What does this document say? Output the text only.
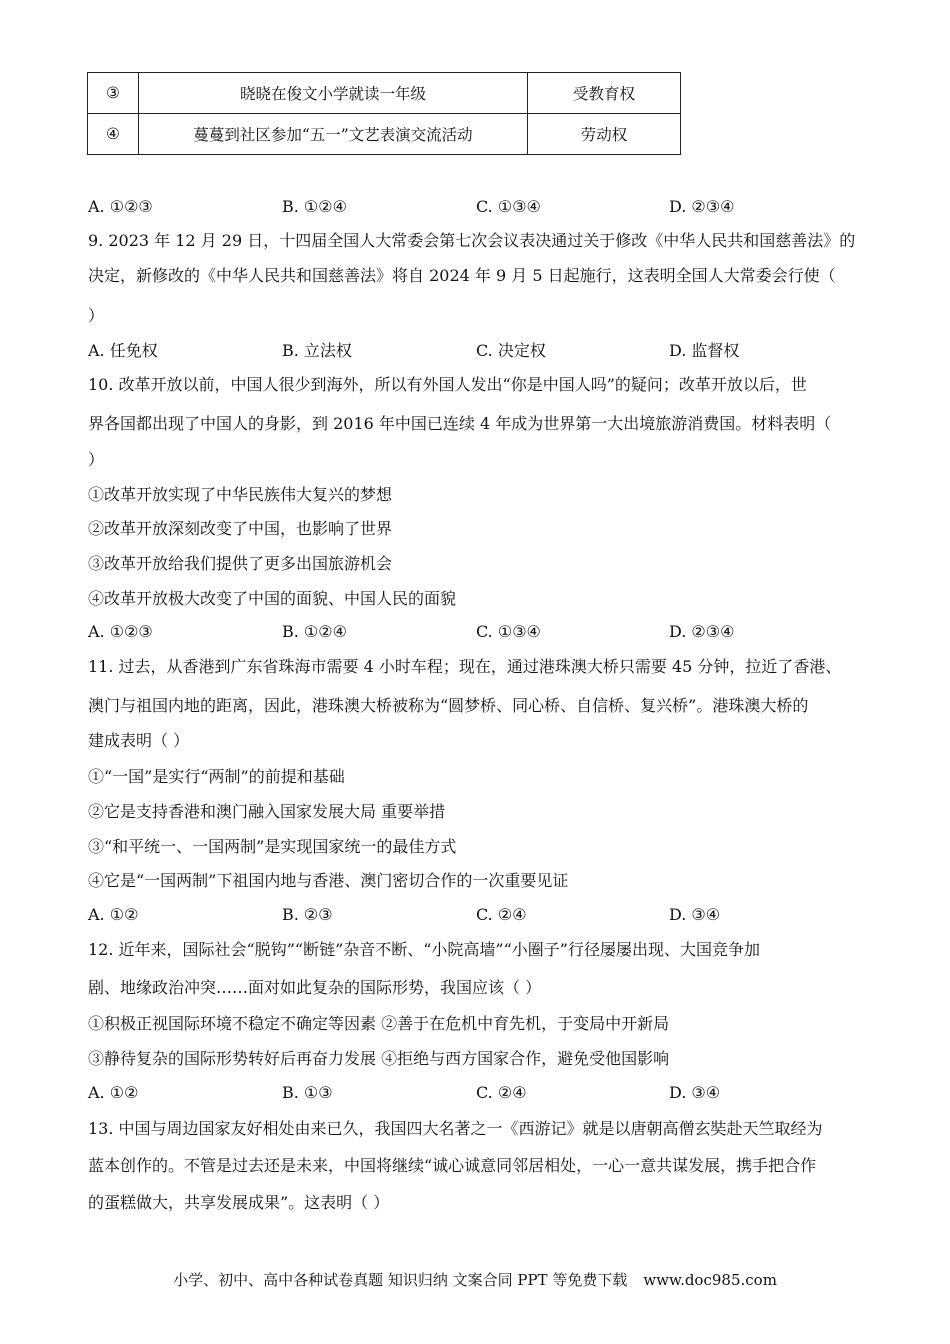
③	晓晓在俊文小学就读一年级	受教育权
④	蔓蔓到社区参加“五一”文艺表演交流活动	劳动权
A. ①②③	B. ①②④	C. ①③④	D. ②③④
9. 2023 年 12 月 29 日，十四届全国人大常委会第七次会议表决通过关于修改《中华人民共和国慈善法》的
决定，新修改的《中华人民共和国慈善法》将自 2024 年 9 月 5 日起施行，这表明全国人大常委会行使（
）
A. 任免权	B. 立法权	C. 决定权	D. 监督权
10. 改革开放以前，中国人很少到海外，所以有外国人发出“你是中国人吗”的疑问；改革开放以后，世
界各国都出现了中国人的身影，到 2016 年中国已连续 4 年成为世界第一大出境旅游消费国。材料表明（
）
①改革开放实现了中华民族伟大复兴的梦想
②改革开放深刻改变了中国，也影响了世界
③改革开放给我们提供了更多出国旅游机会
④改革开放极大改变了中国的面貌、中国人民的面貌
A. ①②③	B. ①②④	C. ①③④	D. ②③④
11. 过去，从香港到广东省珠海市需要 4 小时车程；现在，通过港珠澳大桥只需要 45 分钟，拉近了香港、
澳门与祖国内地的距离，因此，港珠澳大桥被称为“圆梦桥、同心桥、自信桥、复兴桥”。港珠澳大桥的
建成表明（ ）
①“一国”是实行“两制”的前提和基础
②它是支持香港和澳门融入国家发展大局 重要举措
③“和平统一、一国两制”是实现国家统一的最佳方式
④它是“一国两制”下祖国内地与香港、澳门密切合作的一次重要见证
A. ①②	B. ②③	C. ②④	D. ③④
12. 近年来，国际社会“脱钩”“断链”杂音不断、“小院高墙”“小圈子”行径屡屡出现、大国竞争加
剧、地缘政治冲突……面对如此复杂的国际形势，我国应该（ ）
①积极正视国际环境不稳定不确定等因素 ②善于在危机中育先机，于变局中开新局
③静待复杂的国际形势转好后再奋力发展 ④拒绝与西方国家合作，避免受他国影响
A. ①②	B. ①③	C. ②④	D. ③④
13. 中国与周边国家友好相处由来已久，我国四大名著之一《西游记》就是以唐朝高僧玄奘赴天竺取经为
蓝本创作的。不管是过去还是未来，中国将继续“诚心诚意同邻居相处，一心一意共谋发展，携手把合作
的蛋糕做大，共享发展成果”。这表明（ ）
小学、初中、高中各种试卷真题 知识归纳 文案合同 PPT 等免费下载 www.doc985.com
